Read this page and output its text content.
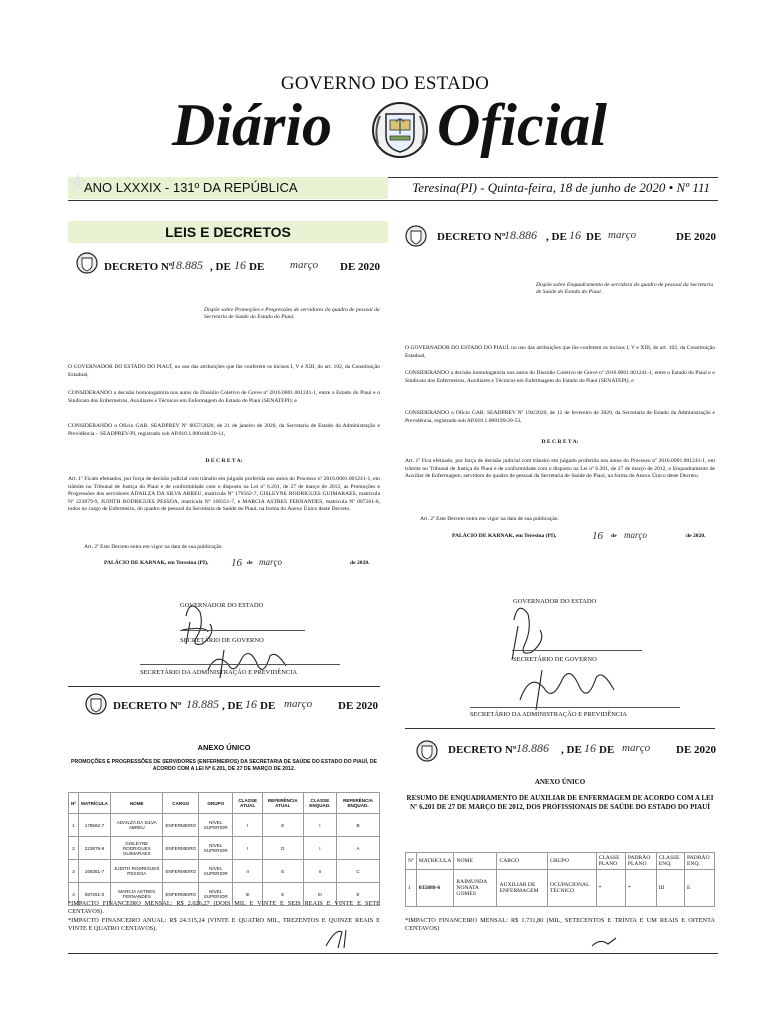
GOVERNO DO ESTADO
Diário Oficial
★
ANO LXXXIX - 131º DA REPÚBLICA	Teresina(PI) - Quinta-feira, 18 de junho de 2020 • Nº 111
LEIS E DECRETOS
DECRETO Nº
18.885 , DE 16 DE março DE 2020
Dispõe sobre Promoções e Progressões de servidores do quadro de pessoal da Secretaria de Saúde do Estado do Piauí.
O GOVERNADOR DO ESTADO DO PIAUÍ, no uso das atribuições que lhe conferem os incisos I, V e XIII, do art. 102, da Constituição Estadual,
CONSIDERANDO a decisão homologatória nos autos do Dissídio Coletivo de Greve nº 2016.0001.001241-1, entre o Estado do Piauí e o Sindicato dos Enfermeiros, Auxiliares e Técnicos em Enfermagem do Estado do Piauí (SENATEPI); e
CONSIDERANDO o Ofício GAB. SEADPREV Nº 0057/2020, de 21 de janeiro de 2020, da Secretaria de Estado da Administração e Previdência – SEADPREV-PI, registrado sob AP.010.1.000448/20-11,
D E C R E T A:
Art. 1º Ficam efetuados, por força de decisão judicial com trânsito em julgado proferida nos autos do Processo nº 2016.0001.001241-1, em trâmite no Tribunal de Justiça do Piauí e de conformidade com o disposto na Lei nº 6.201, de 27 de março de 2012, as Promoções e Progressões dos servidores ADAILZA DA SILVA ABREU, matrícula Nº 179562-7, GISLEYNE RODRIGUES GUIMARAES, matrícula Nº 223879-9, JUDITH RODRIGUES PESSOA, matrícula Nº 168351-7, e MARCIA ASTRES FERNANDES, matrícula Nº 087261-0, todos no cargo de Enfermeiro, do quadro de pessoal da Secretaria de Saúde do Piauí, na forma do Anexo Único deste Decreto.
Art. 2º Este Decreto entra em vigor na data de sua publicação.
PALÁCIO DE KARNAK, em Teresina (PI), 16 de março	de 2020.
GOVERNADOR DO ESTADO
SECRETÁRIO DE GOVERNO
SECRETÁRIO DA ADMINISTRAÇÃO E PREVIDÊNCIA
DECRETO Nº 18.885 , DE 16 DE março DE 2020
ANEXO ÚNICO
PROMOÇÕES E PROGRESSÕES DE SERVIDORES (ENFERMEIROS) DA SECRETARIA DE SAÚDE DO ESTADO DO PIAUÍ, DE ACORDO COM A LEI Nº 6.201, DE 27 DE MARÇO DE 2012.
Nº	MATRÍCULA	NOME	CARGO	GRUPO	CLASSE ATUAL	REFERÊNCIA ATUAL	CLASSE ENQUAD.	REFERÊNCIA ENQUAD.
1	179562-7	ADAILZA DA SILVA ABREU	ENFERMEIRO	NÍVEL SUPERIOR	I	E	I	B
2	223879-9	GISLEYNE RODRIGUES GUIMARAES	ENFERMEIRO	NÍVEL SUPERIOR	I	D	I	A
3	168351-7	JUDITH RODRIGUES PESSOA	ENFERMEIRO	NÍVEL SUPERIOR	II	E	II	C
4	087261-0	MARCIA ASTRES FERNANDES	ENFERMEIRO	NÍVEL SUPERIOR	III	E	III	E
*IMPACTO FINANCEIRO MENSAL: R$ 2.026,27 (DOIS MIL E VINTE E SEIS REAIS E VINTE E SETE CENTAVOS).
*IMPACTO FINANCEIRO ANUAL: R$ 24.315,24 (VINTE E QUATRO MIL, TREZENTOS E QUINZE REAIS E VINTE E QUATRO CENTAVOS).
DECRETO Nº
18.886 , DE 16 DE março	DE 2020
Dispõe sobre Enquadramento de servidora do quadro de pessoal da Secretaria de Saúde do Estado do Piauí.
O GOVERNADOR DO ESTADO DO PIAUÍ, no uso das atribuições que lhe conferem os incisos I, V e XIII, do art. 102, da Constituição Estadual,
CONSIDERANDO a decisão homologatória nos autos do Dissídio Coletivo de Greve nº 2016.0001.001241-1, entre o Estado do Piauí e o Sindicato dos Enfermeiros, Auxiliares e Técnicos em Enfermagem do Estado do Piauí (SENATEPI), e
CONSIDERANDO o Ofício GAB. SEADPREV Nº 194/2020, de 12 de fevereiro de 2020, da Secretaria de Estado da Administração e Previdência, registrado sob AP.010.1.000199/20-53,
D E C R E T A:
Art. 1º Fica efetuado, por força de decisão judicial com trânsito em julgado proferida nos autos do Processo nº 2016.0001.001241-1, em trâmite no Tribunal de Justiça do Piauí e de conformidade com o disposto na Lei nº 6.201, de 27 de março de 2012, o Enquadramento de Auxiliar de Enfermagem, servidora do quadro de pessoal da Secretaria de Saúde do Piauí, na forma do Anexo Único deste Decreto.
Art. 2º Este Decreto entra em vigor na data de sua publicação.
PALÁCIO DE KARNAK, em Teresina (PI),	16 de março	de 2020.
GOVERNADOR DO ESTADO
SECRETÁRIO DE GOVERNO
SECRETÁRIO DA ADMINISTRAÇÃO E PREVIDÊNCIA
DECRETO Nº 18.886 , DE 16 DE março DE 2020
ANEXO ÚNICO
RESUMO DE ENQUADRAMENTO DE AUXILIAR DE ENFERMAGEM DE ACORDO COM A LEI Nº 6.201 DE 27 DE MARÇO DE 2012, DOS PROFISSIONAIS DE SAÚDE DO ESTADO DO PIAUÍ
Nº	MATRÍCULA	NOME	CARGO	GRUPO	CLASSE PLANO	PADRÃO PLANO	CLASSE ENQ.	PADRÃO ENQ.
1	035888-6	RAIMUNDA NONATA GOMES	AUXILIAR DE ENFERMAGEM	OCUPACIONAL TÉCNICO	*	*	III	E
*IMPACTO FINANCEIRO MENSAL: R$ 1.731,80 (MIL, SETECENTOS E TRINTA E UM REAIS E OITENTA CENTAVOS)
